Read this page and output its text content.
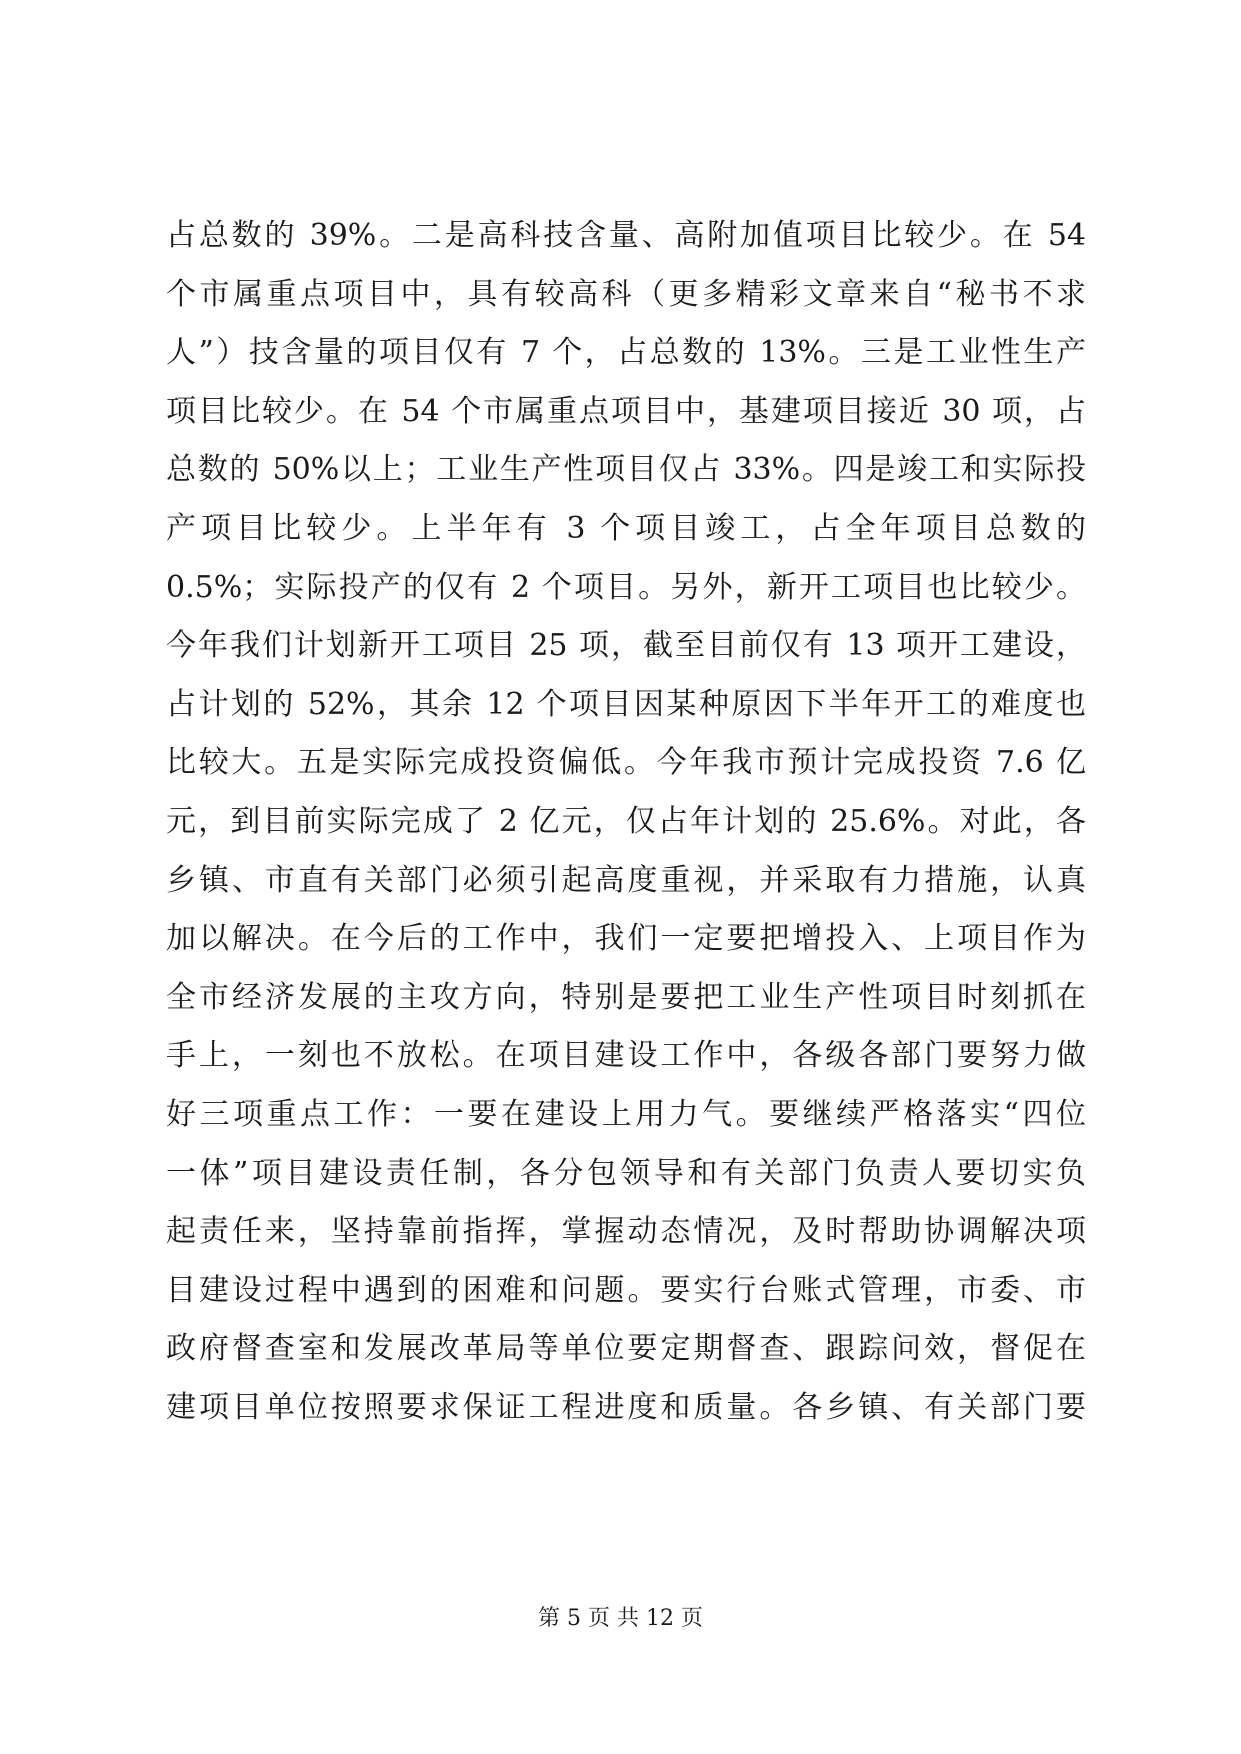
占总数的 39%。二是高科技含量、高附加值项目比较少。在 54
个市属重点项目中，具有较高科（更多精彩文章来自“秘书不求
人”）技含量的项目仅有 7 个，占总数的 13%。三是工业性生产
项目比较少。在 54 个市属重点项目中，基建项目接近 30 项，占
总数的 50%以上；工业生产性项目仅占 33%。四是竣工和实际投
产项目比较少。上半年有 3 个项目竣工，占全年项目总数的
0.5%；实际投产的仅有 2 个项目。另外，新开工项目也比较少。
今年我们计划新开工项目 25 项，截至目前仅有 13 项开工建设，
占计划的 52%，其余 12 个项目因某种原因下半年开工的难度也
比较大。五是实际完成投资偏低。今年我市预计完成投资 7.6 亿
元，到目前实际完成了 2 亿元，仅占年计划的 25.6%。对此，各
乡镇、市直有关部门必须引起高度重视，并采取有力措施，认真
加以解决。在今后的工作中，我们一定要把增投入、上项目作为
全市经济发展的主攻方向，特别是要把工业生产性项目时刻抓在
手上，一刻也不放松。在项目建设工作中，各级各部门要努力做
好三项重点工作：一要在建设上用力气。要继续严格落实“四位
一体”项目建设责任制，各分包领导和有关部门负责人要切实负
起责任来，坚持靠前指挥，掌握动态情况，及时帮助协调解决项
目建设过程中遇到的困难和问题。要实行台账式管理，市委、市
政府督查室和发展改革局等单位要定期督查、跟踪问效，督促在
建项目单位按照要求保证工程进度和质量。各乡镇、有关部门要
第 5 页 共 12 页
